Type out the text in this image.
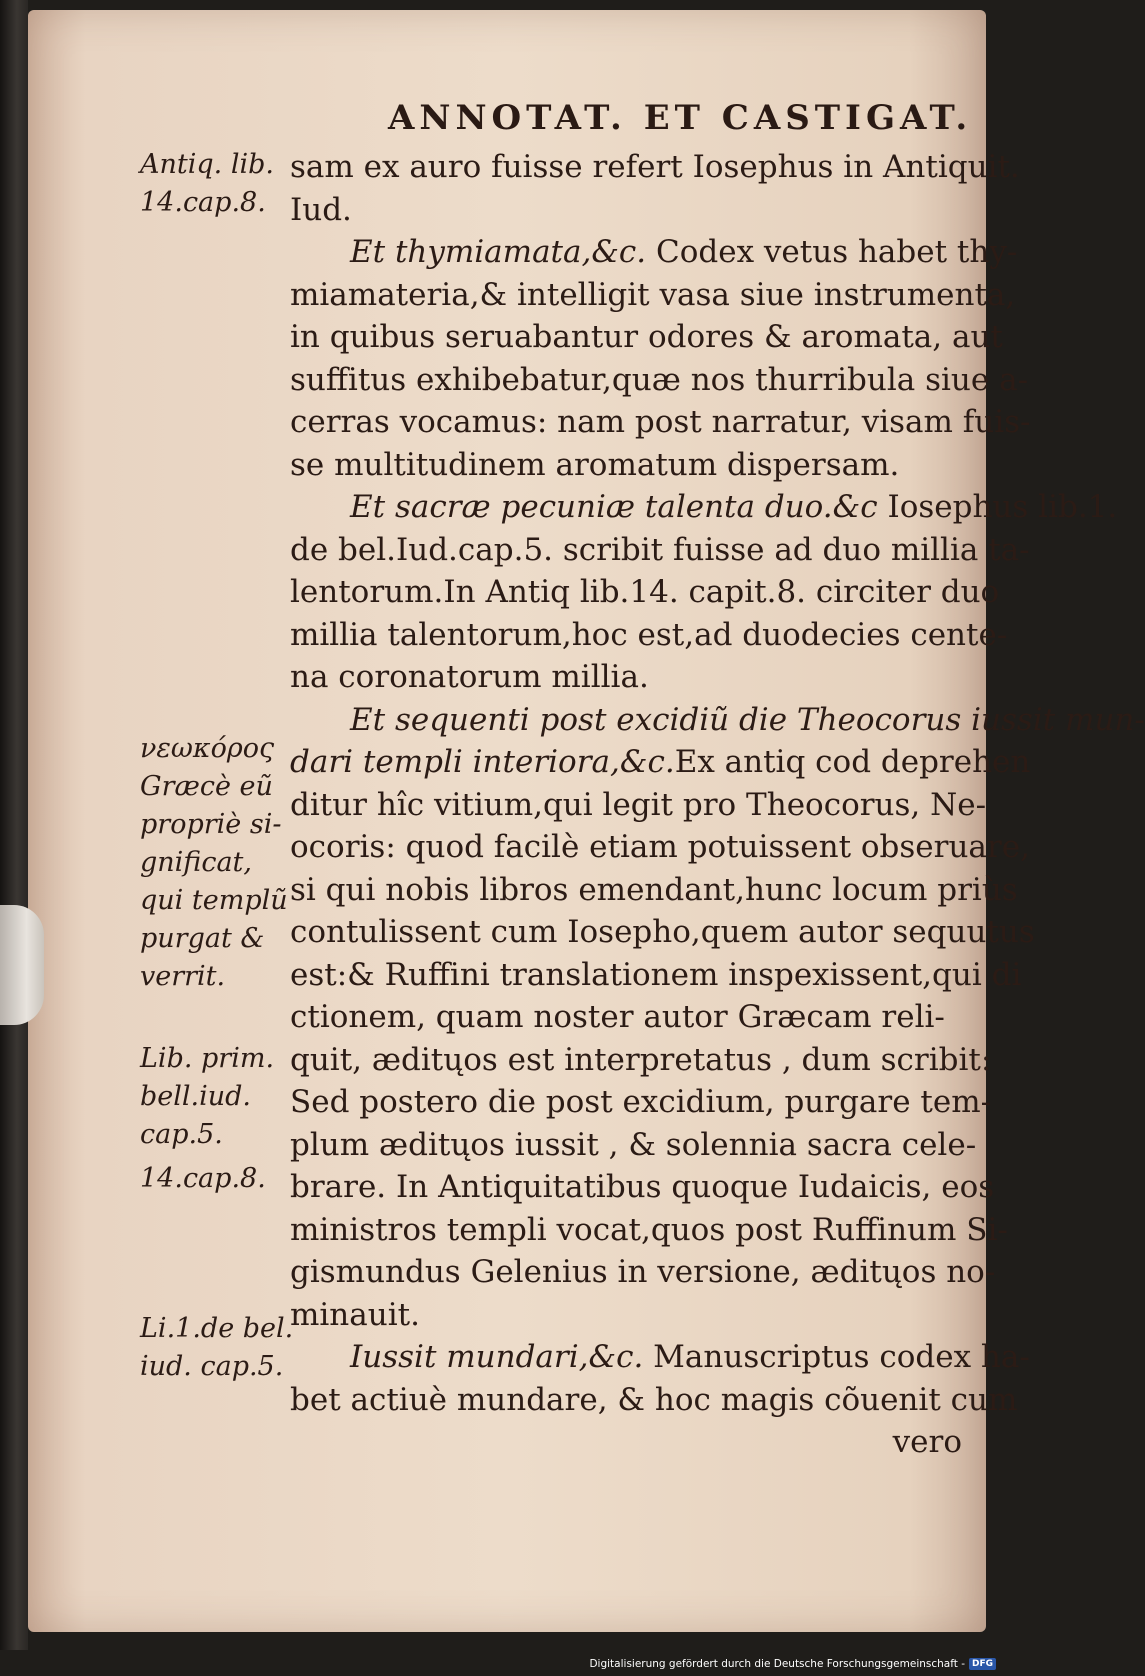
ANNOTAT. ET CASTIGAT.
Antiq. lib.
14.cap.8.
νεωκόρος
Græcè eũ
propriè si-
gnificat,
qui templũ
purgat &
verrit.
Lib. prim.
bell.iud.
cap.5.
14.cap.8.
Li.1.de bel.
iud. cap.5.

sam ex auro fuisse refert Iosephus in Antiquit.
Iud.

Et thymiamata,&c. Codex vetus habet thy-
miamateria,& intelligit vasa siue instrumenta,
in quibus seruabantur odores & aromata, aut
suffitus exhibebatur,quæ nos thurribula siue a-
cerras vocamus: nam post narratur, visam fuis-
se multitudinem aromatum dispersam.

Et sacræ pecuniæ talenta duo.&c Iosephus lib.1.
de bel.Iud.cap.5. scribit fuisse ad duo millia ta-
lentorum.In Antiq lib.14. capit.8. circiter duo
millia talentorum,hoc est,ad duodecies cente-
na coronatorum millia.

Et sequenti post excidiũ die Theocorus iussit mun-
dari templi interiora,&c.Ex antiq cod deprehen
ditur hîc vitium,qui legit pro Theocorus, Ne-
ocoris: quod facilè etiam potuissent obseruare,
si qui nobis libros emendant,hunc locum priùs
contulissent cum Iosepho,quem autor sequutus
est:& Ruffini translationem inspexissent,qui di
ctionem, quam noster autor Græcam reli-
quit, æditųos est interpretatus , dum scribit:
Sed postero die post excidium, purgare tem-
plum æditųos iussit , & solennia sacra cele-
brare. In Antiquitatibus quoque Iudaicis, eos
ministros templi vocat,quos post Ruffinum Si-
gismundus Gelenius in versione, æditųos no-
minauit.

Iussit mundari,&c. Manuscriptus codex ha-
bet actiuè mundare, & hoc magis cõuenit cum
vero

Digitalisierung gefördert durch die Deutsche Forschungsgemeinschaft - DFG
